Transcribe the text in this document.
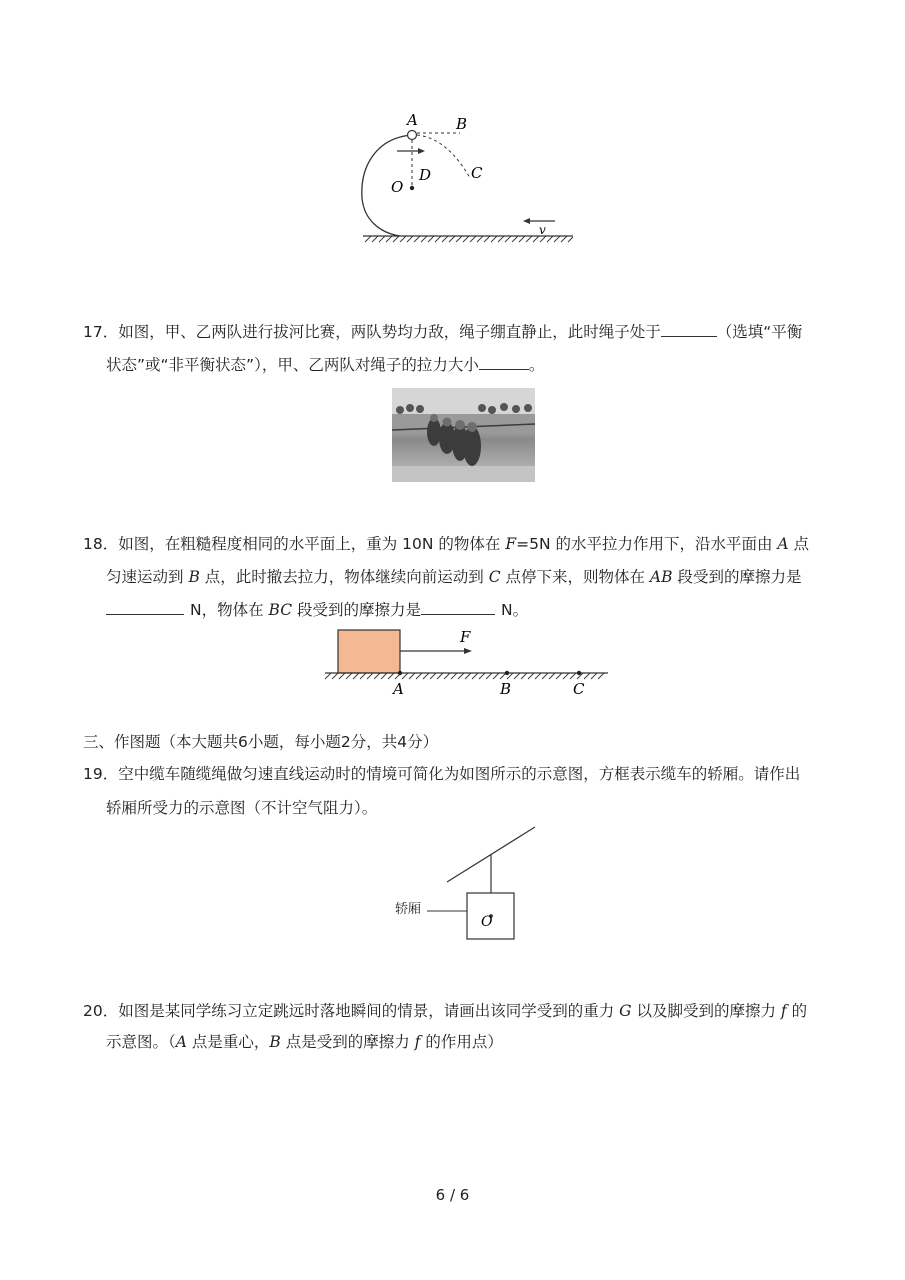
A	B
C
D
O
v
17．如图，甲、乙两队进行拔河比赛，两队势均力敌，绳子绷直静止，此时绳子处于	（选填“平衡
状态”或“非平衡状态”），甲、乙两队对绳子的拉力大小	。
18．如图，在粗糙程度相同的水平面上，重为 10N 的物体在 F=5N 的水平拉力作用下，沿水平面由 A 点
匀速运动到 B 点，此时撤去拉力，物体继续向前运动到 C 点停下来，则物体在 AB 段受到的摩擦力是
N，物体在 BC 段受到的摩擦力是	N。
F
A	B	C
三、作图题（本大题共6小题，每小题2分，共4分）
19．空中缆车随缆绳做匀速直线运动时的情境可简化为如图所示的示意图，方框表示缆车的轿厢。请作出
轿厢所受力的示意图（不计空气阻力）。
O
轿厢
20．如图是某同学练习立定跳远时落地瞬间的情景，请画出该同学受到的重力 G 以及脚受到的摩擦力 f 的
示意图。（A 点是重心，B 点是受到的摩擦力 f 的作用点）
6 / 6
